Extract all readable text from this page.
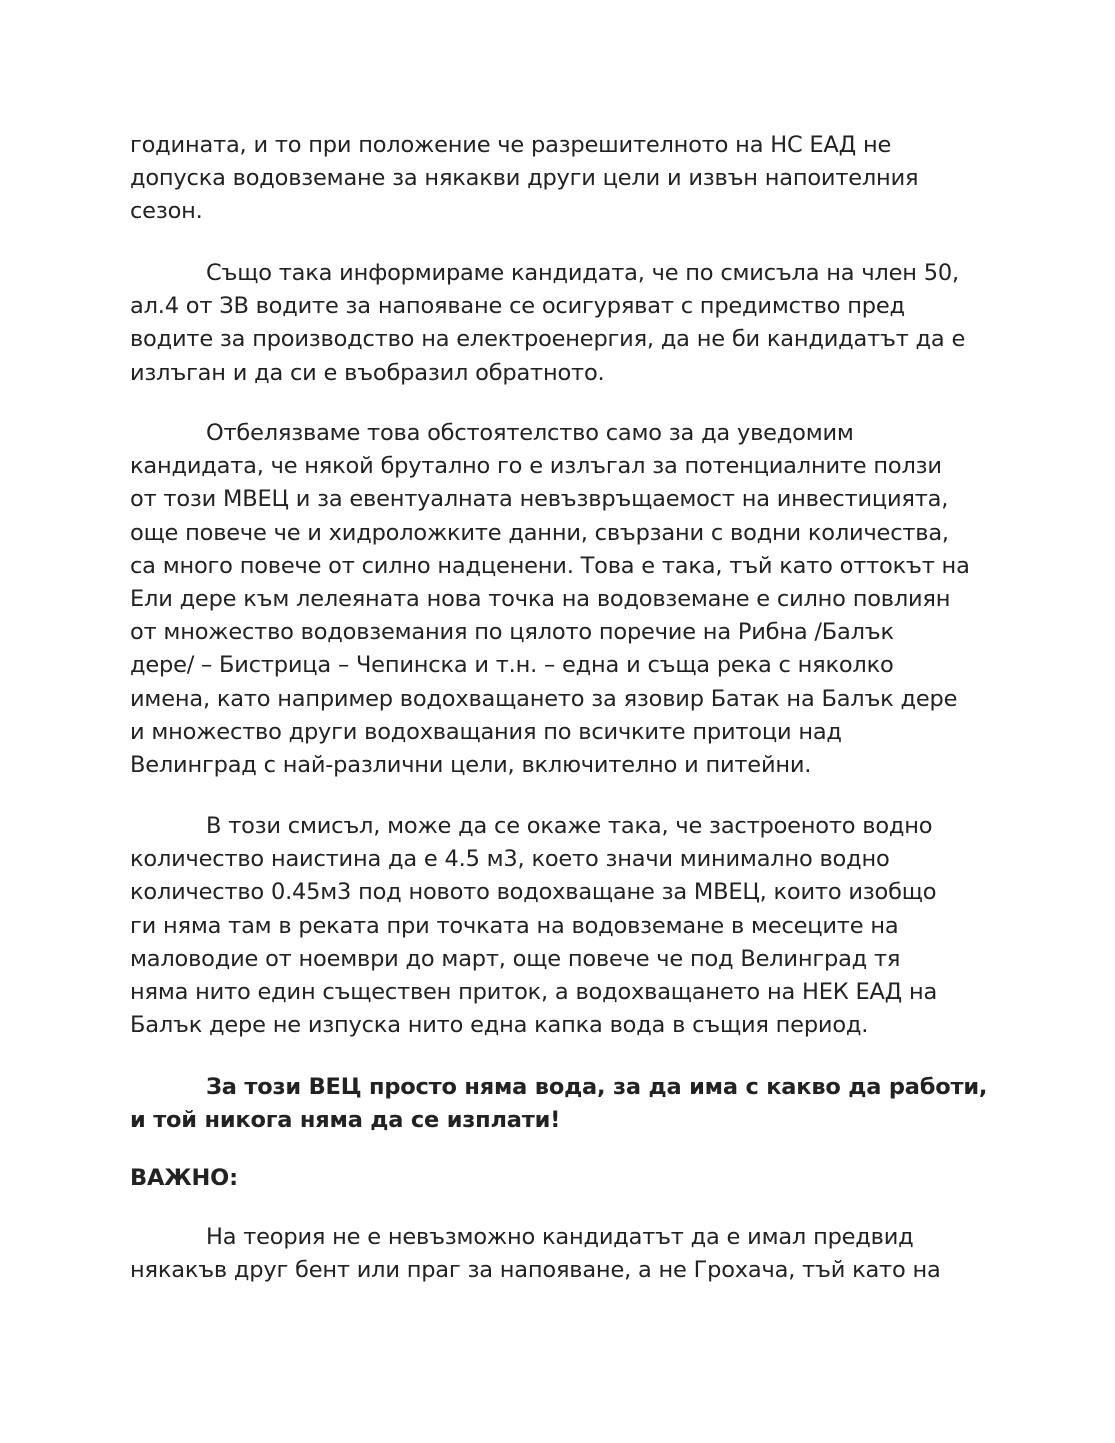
годината, и то при положение че разрешителното на НС ЕАД не
допуска водовземане за някакви други цели и извън напоителния
сезон.
Също така информираме кандидата, че по смисъла на член 50,
ал.4 от ЗВ водите за напояване се осигуряват с предимство пред
водите за производство на електроенергия, да не би кандидатът да е
излъган и да си е въобразил обратното.
Отбелязваме това обстоятелство само за да уведомим
кандидата, че някой брутално го е излъгал за потенциалните ползи
от този МВЕЦ и за евентуалната невъзвръщаемост на инвестицията,
още повече че и хидроложките данни, свързани с водни количества,
са много повече от силно надценени. Това е така, тъй като оттокът на
Ели дере към лелеяната нова точка на водовземане е силно повлиян
от множество водовземания по цялото поречие на Рибна /Балък
дере/ – Бистрица – Чепинска и т.н. – една и съща река с няколко
имена, като например водохващането за язовир Батак на Балък дере
и множество други водохващания по всичките притоци над
Велинград с най-различни цели, включително и питейни.
В този смисъл, може да се окаже така, че застроеното водно
количество наистина да е 4.5 м3, което значи минимално водно
количество 0.45м3 под новото водохващане за МВЕЦ, които изобщо
ги няма там в реката при точката на водовземане в месеците на
маловодие от ноември до март, още повече че под Велинград тя
няма нито един съществен приток, а водохващането на НЕК ЕАД на
Балък дере не изпуска нито една капка вода в същия период.
За този ВЕЦ просто няма вода, за да има с какво да работи,
и той никога няма да се изплати!
ВАЖНО:
На теория не е невъзможно кандидатът да е имал предвид
някакъв друг бент или праг за напояване, а не Грохача, тъй като на
